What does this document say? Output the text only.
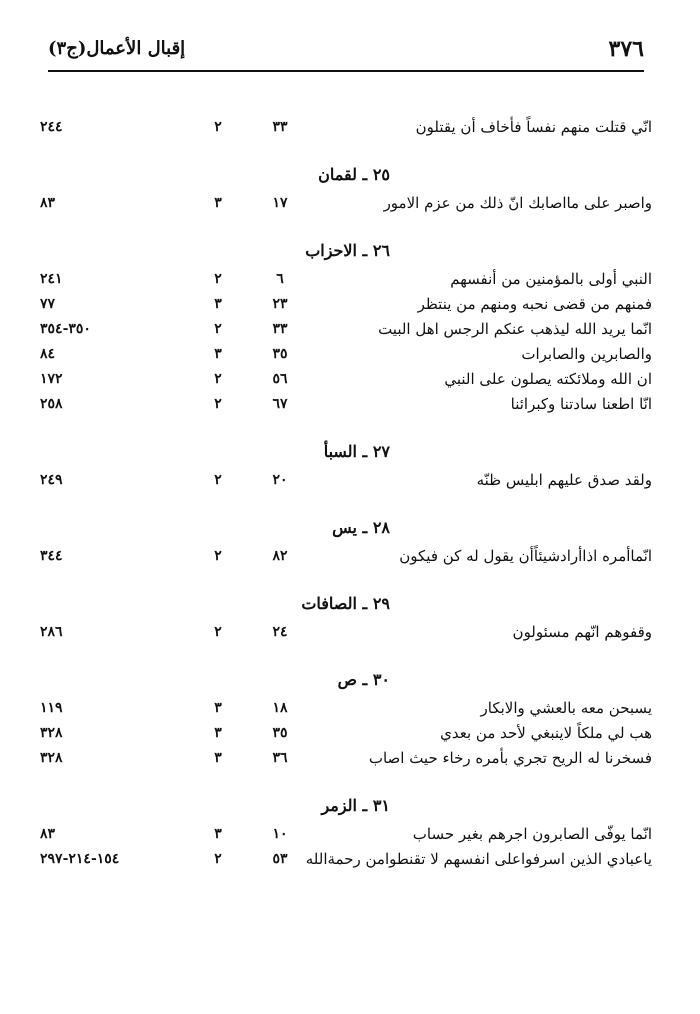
٣٧٦
إقبال الأعمال(ج٣)
انّي قتلت منهم نفساً فأخاف أن يقتلون
٣٣
٢
٢٤٤
٢٥ ـ لقمان
واصبر على مااصابك انّ ذلك من عزم الامور
١٧
٣
٨٣
٢٦ ـ الاحزاب
النبي أولى بالمؤمنين من أنفسهم
٦
٢
٢٤١
فمنهم من قضى نحبه ومنهم من ينتظر
٢٣
٣
٧٧
انّما يريد الله ليذهب عنكم الرجس اهل البيت
٣٣
٢
٣٥٠-٣٥٤
والصابرين والصابرات
٣٥
٣
٨٤
ان الله وملائكته يصلون على النبي
٥٦
٢
١٧٢
انّا اطعنا سادتنا وكبرائنا
٦٧
٢
٢٥٨
٢٧ ـ السبأ
ولقد صدق عليهم ابليس ظنّه
٢٠
٢
٢٤٩
٢٨ ـ يس
انّماأمره اذاأرادشيئاًأن يقول له كن فيكون
٨٢
٢
٣٤٤
٢٩ ـ الصافات
وقفوهم انّهم مسئولون
٢٤
٢
٢٨٦
٣٠ ـ ص
يسبحن معه بالعشي والابكار
١٨
٣
١١٩
هب لي ملكاً لاينبغي لأحد من بعدي
٣٥
٣
٣٢٨
فسخرنا له الريح تجري بأمره رخاء حيث اصاب
٣٦
٣
٣٢٨
٣١ ـ الزمر
انّما يوفّى الصابرون اجرهم بغير حساب
١٠
٣
٨٣
ياعبادي الذين اسرفواعلى انفسهم لا تقنطوامن رحمةالله
٥٣
٢
١٥٤-٢١٤-٢٩٧
